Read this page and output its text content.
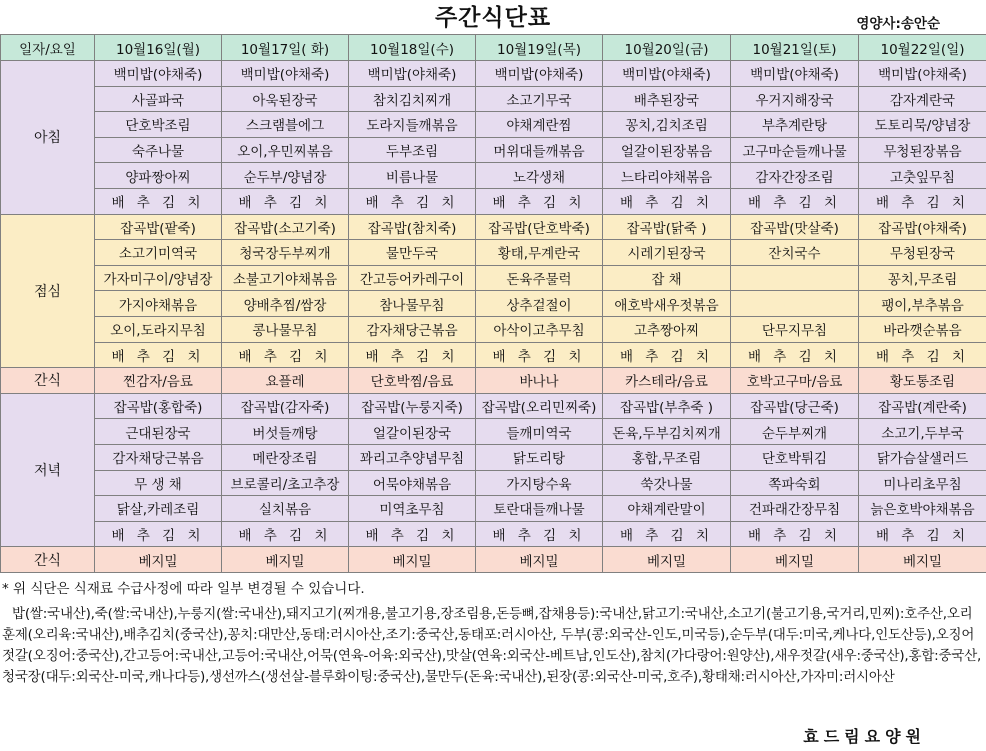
주간식단표	영양사:송안순
일자/요일	10월16일(월)	10월17일( 화)	10월18일(수)	10월19일(목)	10월20일(금)	10월21일(토)	10월22일(일)
아침	백미밥(야채죽)	백미밥(야채죽)	백미밥(야채죽)	백미밥(야채죽)	백미밥(야채죽)	백미밥(야채죽)	백미밥(야채죽)
	사골파국	아욱된장국	참치김치찌개	소고기무국	배추된장국	우거지해장국	감자계란국
	단호박조림	스크램블에그	도라지들깨볶음	야채계란찜	꽁치,김치조림	부추계란탕	도토리묵/양념장
	숙주나물	오이,우민찌볶음	두부조림	머위대들깨볶음	얼갈이된장볶음	고구마순들깨나물	무청된장볶음
	양파짱아찌	순두부/양념장	비름나물	노각생채	느타리야채볶음	감자간장조림	고춧잎무침
	배 추 김 치	배 추 김 치	배 추 김 치	배 추 김 치	배 추 김 치	배 추 김 치	배 추 김 치
점심	잡곡밥(팥죽)	잡곡밥(소고기죽)	잡곡밥(참치죽)	잡곡밥(단호박죽)	잡곡밥(닭죽 )	잡곡밥(맛살죽)	잡곡밥(야채죽)
	소고기미역국	청국장두부찌개	물만두국	황태,무계란국	시레기된장국	잔치국수	무청된장국
	가자미구이/양념장	소불고기야채볶음	간고등어카레구이	돈육주물럭	잡 채		꽁치,무조림
	가지야채볶음	양배추찜/쌈장	참나물무침	상추겉절이	애호박새우젓볶음		팽이,부추볶음
	오이,도라지무침	콩나물무침	감자채당근볶음	아삭이고추무침	고추짱아찌	단무지무침	바라깻순볶음
	배 추 김 치	배 추 김 치	배 추 김 치	배 추 김 치	배 추 김 치	배 추 김 치	배 추 김 치
간식	찐감자/음료	요플레	단호박찜/음료	바나나	카스테라/음료	호박고구마/음료	황도통조림
저녁	잡곡밥(홍합죽)	잡곡밥(감자죽)	잡곡밥(누룽지죽)	잡곡밥(오리민찌죽)	잡곡밥(부추죽 )	잡곡밥(당근죽)	잡곡밥(계란죽)
	근대된장국	버섯들깨탕	얼갈이된장국	들깨미역국	돈육,두부김치찌개	순두부찌개	소고기,두부국
	감자채당근볶음	메란장조림	꽈리고추양념무침	닭도리탕	홍합,무조림	단호박튀김	닭가슴살샐러드
	무 생 채	브로콜리/초고추장	어묵야채볶음	가지탕수육	쑥갓나물	쪽파숙회	미나리초무침
	닭살,카레조림	실치볶음	미역초무침	토란대들깨나물	야채계란말이	건파래간장무침	늙은호박야채볶음
	배 추 김 치	배 추 김 치	배 추 김 치	배 추 김 치	배 추 김 치	배 추 김 치	배 추 김 치
간식	베지밀	베지밀	베지밀	베지밀	베지밀	베지밀	베지밀
* 위 식단은 식재료 수급사정에 따라 일부 변경될 수 있습니다.
밥(쌀:국내산),죽(쌀:국내산),누룽지(쌀:국내산),돼지고기(찌개용,불고기용,장조림용,돈등뼈,잡채용등):국내산,닭고기:국내산,소고기(불고기용,국거리,민찌):호주산,오리훈제(오리육:국내산),배추김치(중국산),꽁치:대만산,동태:러시아산,조기:중국산,동태포:러시아산, 두부(콩:외국산-인도,미국등),순두부(대두:미국,케나다,인도산등),오징어젓갈(오징어:중국산),간고등어:국내산,고등어:국내산,어묵(연육-어육:외국산),맛살(연육:외국산-베트남,인도산),참치(가다랑어:원양산),새우젓갈(새우:중국산),홍합:중국산,청국장(대두:외국산-미국,캐나다등),생선까스(생선살-블루화이팅:중국산),물만두(돈육:국내산),된장(콩:외국산-미국,호주),황태채:러시아산,가자미:러시아산
효드림요양원
